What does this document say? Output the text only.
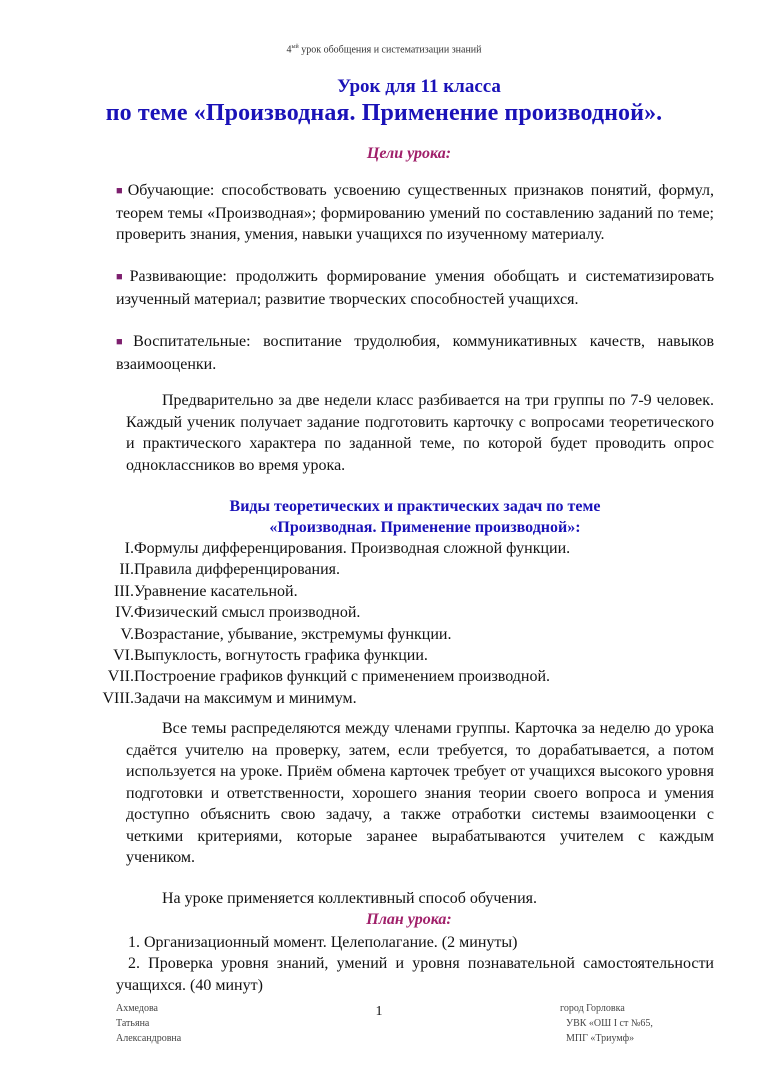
$4^{ый}$ урок обобщения и систематизации знаний
Урок для 11 класса
по теме «Производная. Применение производной».
Цели урока:
■ Обучающие: способствовать усвоению существенных признаков понятий, формул, теорем темы «Производная»; формированию умений по составлению заданий по теме; проверить знания, умения, навыки учащихся по изученному материалу.
■ Развивающие: продолжить формирование умения обобщать и систематизировать изученный материал; развитие творческих способностей учащихся.
■ Воспитательные: воспитание трудолюбия, коммуникативных качеств, навыков взаимооценки.
Предварительно за две недели класс разбивается на три группы по 7-9 человек. Каждый ученик получает задание подготовить карточку с вопросами теоретического и практического характера по заданной теме, по которой будет проводить опрос одноклассников во время урока.
Виды теоретических и практических задач по теме
«Производная. Применение производной»:
I. Формулы дифференцирования. Производная сложной функции.
II. Правила дифференцирования.
III. Уравнение касательной.
IV. Физический смысл производной.
V. Возрастание, убывание, экстремумы функции.
VI. Выпуклость, вогнутость графика функции.
VII. Построение графиков функций с применением производной.
VIII. Задачи на максимум и минимум.
Все темы распределяются между членами группы. Карточка за неделю до урока сдаётся учителю на проверку, затем, если требуется, то дорабатывается, а потом используется на уроке. Приём обмена карточек требует от учащихся высокого уровня подготовки и ответственности, хорошего знания теории своего вопроса и умения доступно объяснить свою задачу, а также отработки системы взаимооценки с четкими критериями, которые заранее вырабатываются учителем с каждым учеником.
На уроке применяется коллективный способ обучения.
План урока:
1. Организационный момент. Целеполагание. (2 минуты)
2. Проверка уровня знаний, умений и уровня познавательной самостоятельности учащихся. (40 минут)
Ахмедова
Татьяна
Александровна
1	город Горловка
УВК «ОШ I ст №65,
МПГ «Триумф»
